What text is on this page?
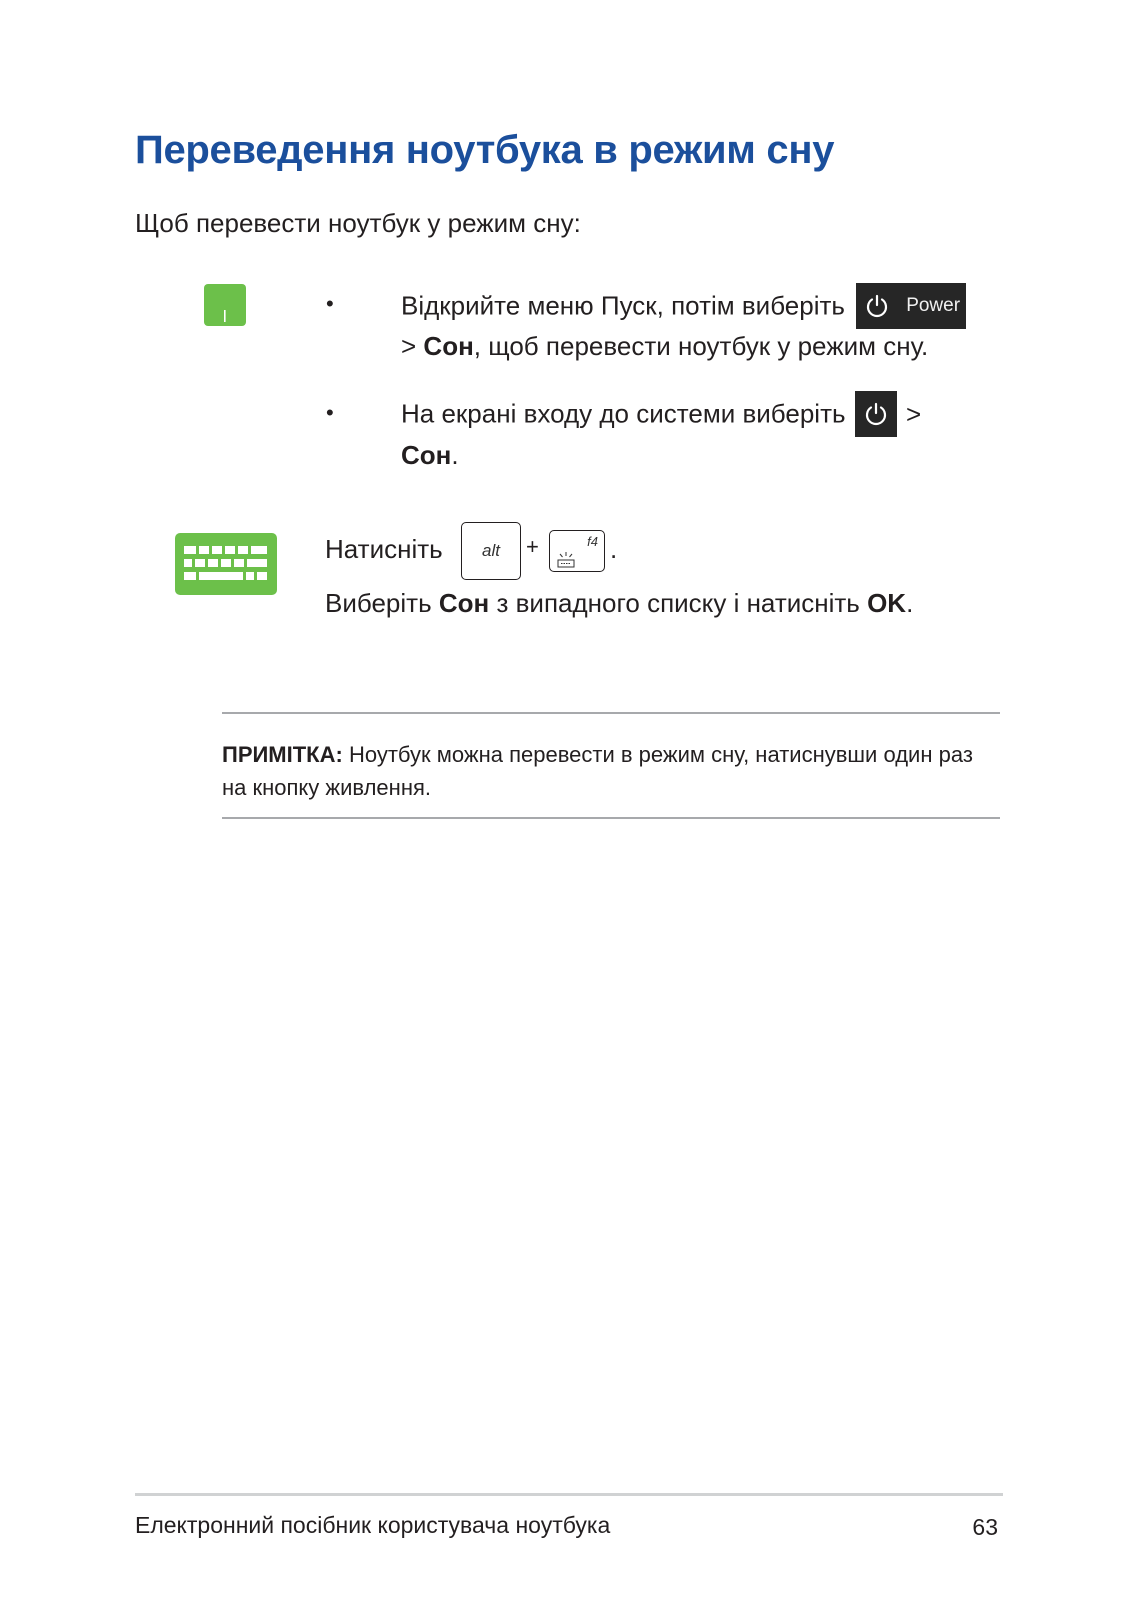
Переведення ноутбука в режим сну
Щоб перевести ноутбук у режим сну:
•	Відкрийте меню Пуск, потім виберіть	Power
> Сон, щоб перевести ноутбук у режим сну.
•	На екрані входу до системи виберіть >
Сон.
Натисніть	alt	+	f4 .
Виберіть Сон з випадного списку і натисніть OK.
ПРИМІТКА: Ноутбук можна перевести в режим сну, натиснувши один раз на кнопку живлення.
Електронний посібник користувача ноутбука	63
